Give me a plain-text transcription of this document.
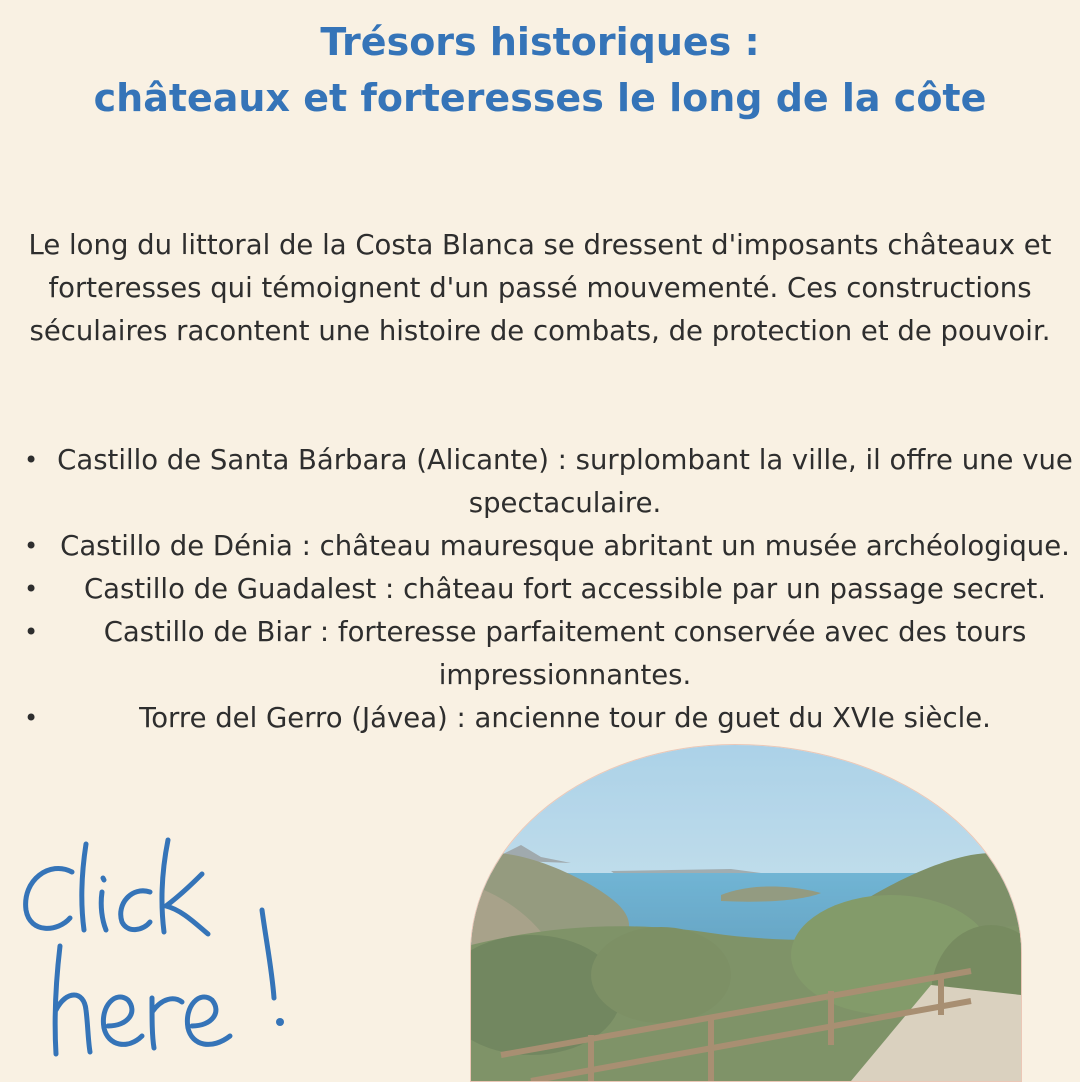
Trésors historiques :
châteaux et forteresses le long de la côte

Le long du littoral de la Costa Blanca se dressent d'imposants châteaux et forteresses qui témoignent d'un passé mouvementé. Ces constructions séculaires racontent une histoire de combats, de protection et de pouvoir.

• Castillo de Santa Bárbara (Alicante) : surplombant la ville, il offre une vue spectaculaire.
• Castillo de Dénia : château mauresque abritant un musée archéologique.
• Castillo de Guadalest : château fort accessible par un passage secret.
• Castillo de Biar : forteresse parfaitement conservée avec des tours impressionnantes.
•	Torre del Gerro (Jávea) : ancienne tour de guet du XVIe siècle.
